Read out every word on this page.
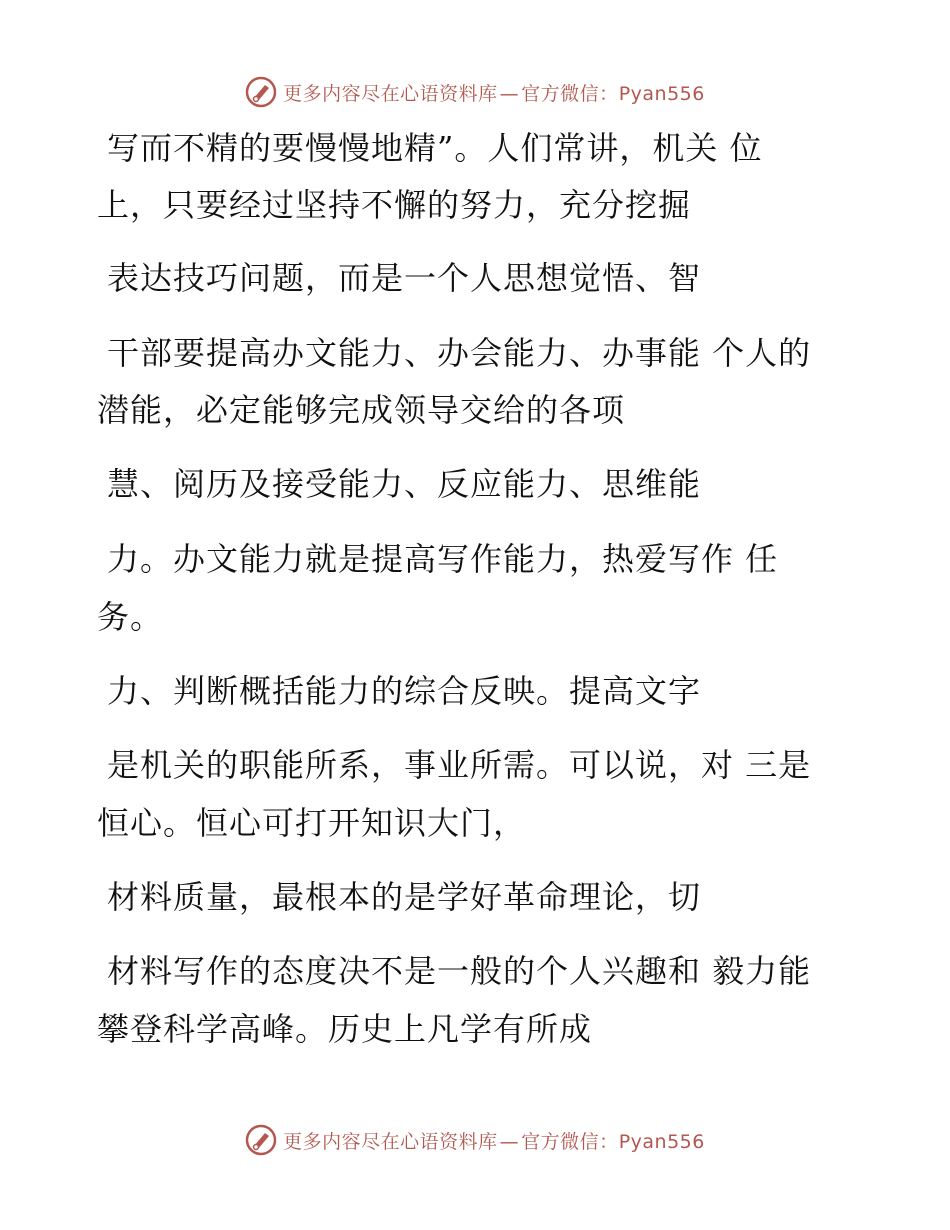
更多内容尽在心语资料库 — 官方微信：Pyan556
写而不精的要慢慢地精”。人们常讲，机关 位
上，只要经过坚持不懈的努力，充分挖掘
表达技巧问题，而是一个人思想觉悟、智
干部要提高办文能力、办会能力、办事能 个人的
潜能，必定能够完成领导交给的各项
慧、阅历及接受能力、反应能力、思维能
力。办文能力就是提高写作能力，热爱写作 任
务。
力、判断概括能力的综合反映。提高文字
是机关的职能所系，事业所需。可以说，对 三是
恒心。恒心可打开知识大门，
材料质量，最根本的是学好革命理论，切
材料写作的态度决不是一般的个人兴趣和 毅力能
攀登科学高峰。历史上凡学有所成
更多内容尽在心语资料库 — 官方微信：Pyan556
